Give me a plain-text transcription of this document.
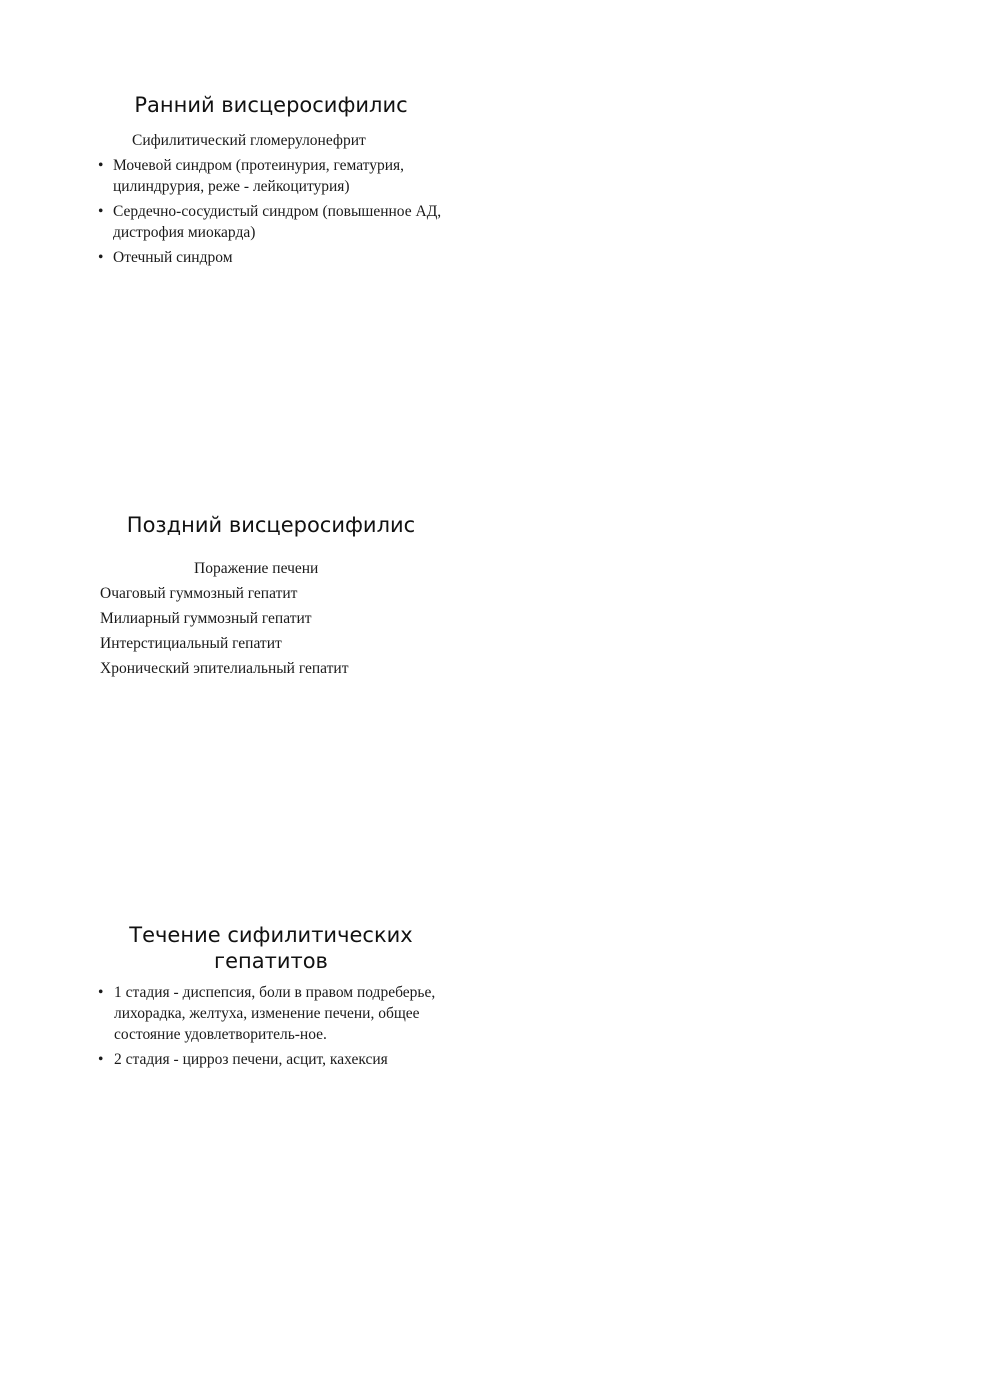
Ранний висцеросифилис
Сифилитический гломерулонефрит
• Мочевой синдром (протеинурия, гематурия, цилиндрурия, реже - лейкоцитурия)
• Сердечно-сосудистый синдром (повышенное АД, дистрофия миокарда)
• Отечный синдром
Поздний висцеросифилис
Поражение печени
Очаговый гуммозный гепатит
Милиарный гуммозный гепатит
Интерстициальный гепатит
Хронический эпителиальный гепатит
Течение сифилитических
гепатитов
• 1 стадия - диспепсия, боли в правом подреберье, лихорадка, желтуха, изменение печени, общее состояние удовлетворитель-ное.
• 2 стадия - цирроз печени, асцит, кахексия
